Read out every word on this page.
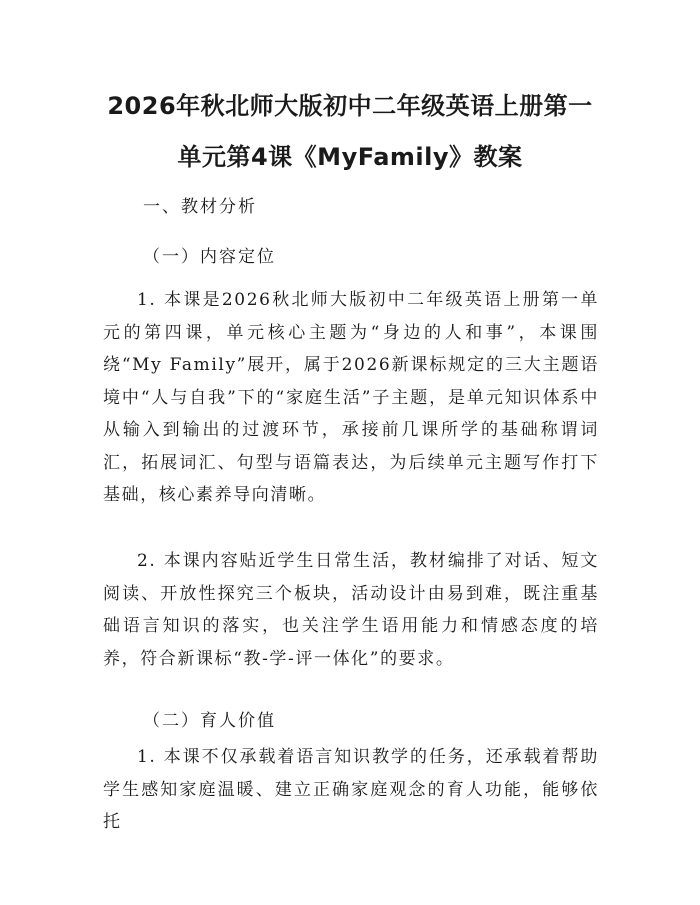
2026年秋北师大版初中二年级英语上册第一
单元第4课《MyFamily》教案
一、教材分析
（一）内容定位

1. 本课是2026秋北师大版初中二年级英语上册第一单元的第四课，单元核心主题为“身边的人和事”，本课围绕“My Family”展开，属于2026新课标规定的三大主题语境中“人与自我”下的“家庭生活”子主题，是单元知识体系中从输入到输出的过渡环节，承接前几课所学的基础称谓词汇，拓展词汇、句型与语篇表达，为后续单元主题写作打下基础，核心素养导向清晰。

2. 本课内容贴近学生日常生活，教材编排了对话、短文阅读、开放性探究三个板块，活动设计由易到难，既注重基础语言知识的落实，也关注学生语用能力和情感态度的培养，符合新课标“教-学-评一体化”的要求。

（二）育人价值

1. 本课不仅承载着语言知识教学的任务，还承载着帮助学生感知家庭温暖、建立正确家庭观念的育人功能，能够依托
